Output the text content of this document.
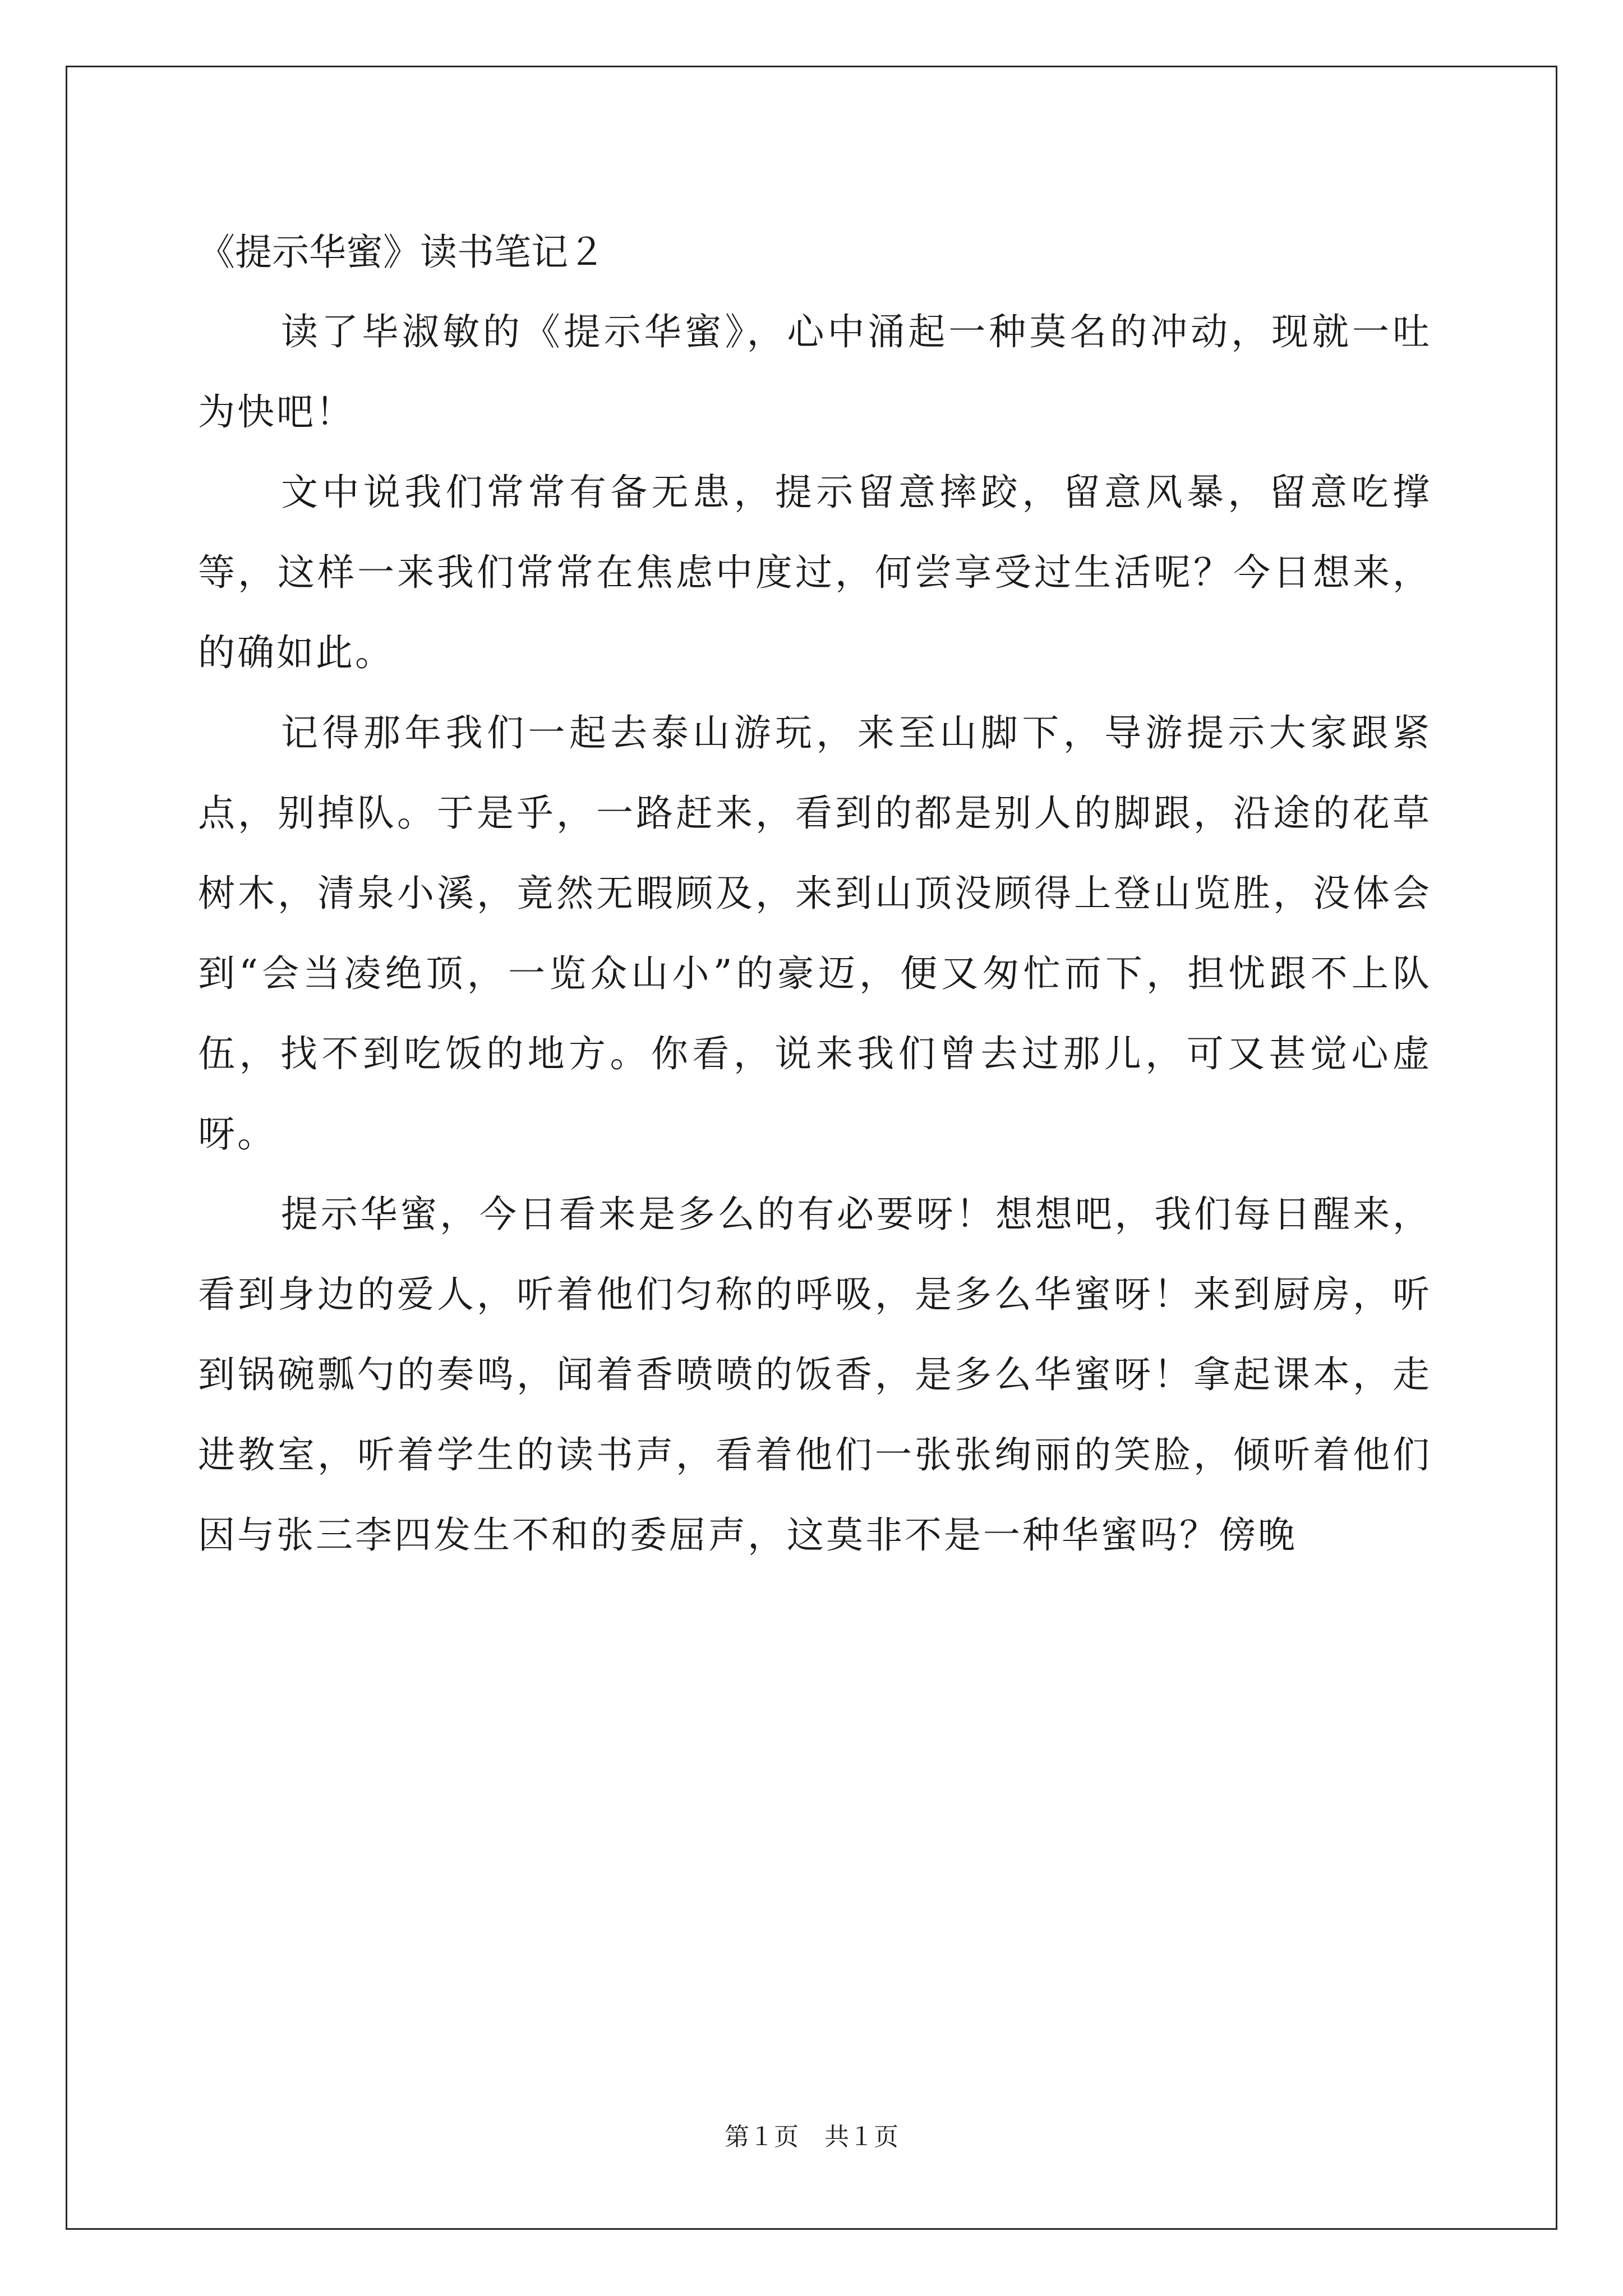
《提示华蜜》读书笔记２

读了毕淑敏的《提示华蜜》，心中涌起一种莫名的冲动，现就一吐为快吧！

文中说我们常常有备无患，提示留意摔跤，留意风暴，留意吃撑等，这样一来我们常常在焦虑中度过，何尝享受过生活呢？今日想来，的确如此。

记得那年我们一起去泰山游玩，来至山脚下，导游提示大家跟紧点，别掉队。于是乎，一路赶来，看到的都是别人的脚跟，沿途的花草树木，清泉小溪，竟然无暇顾及，来到山顶没顾得上登山览胜，没体会到“会当凌绝顶，一览众山小”的豪迈，便又匆忙而下，担忧跟不上队伍，找不到吃饭的地方。你看，说来我们曾去过那儿，可又甚觉心虚呀。

提示华蜜，今日看来是多么的有必要呀！想想吧，我们每日醒来，看到身边的爱人，听着他们匀称的呼吸，是多么华蜜呀！来到厨房，听到锅碗瓢勺的奏鸣，闻着香喷喷的饭香，是多么华蜜呀！拿起课本，走进教室，听着学生的读书声，看着他们一张张绚丽的笑脸，倾听着他们因与张三李四发生不和的委屈声，这莫非不是一种华蜜吗？傍晚

第１页 共１页
